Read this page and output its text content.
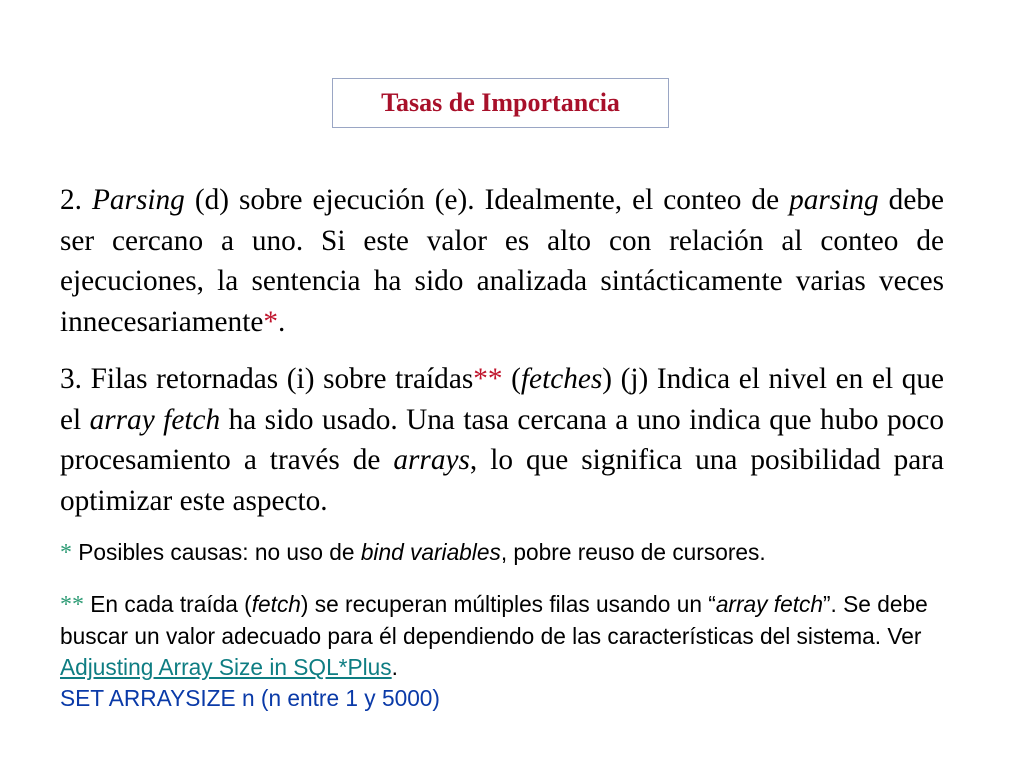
Tasas de Importancia
2. Parsing (d) sobre ejecución (e). Idealmente, el conteo de parsing debe ser cercano a uno. Si este valor es alto con relación al conteo de ejecuciones, la sentencia ha sido analizada sintácticamente varias veces innecesariamente*.
3. Filas retornadas (i) sobre traídas** (fetches) (j) Indica el nivel en el que el array fetch ha sido usado. Una tasa cercana a uno indica que hubo poco procesamiento a través de arrays, lo que significa una posibilidad para optimizar este aspecto.
* Posibles causas: no uso de bind variables, pobre reuso de cursores.
** En cada traída (fetch) se recuperan múltiples filas usando un “array fetch”. Se debe buscar un valor adecuado para él dependiendo de las características del sistema. Ver Adjusting Array Size in SQL*Plus.
SET ARRAYSIZE n (n entre 1 y 5000)
